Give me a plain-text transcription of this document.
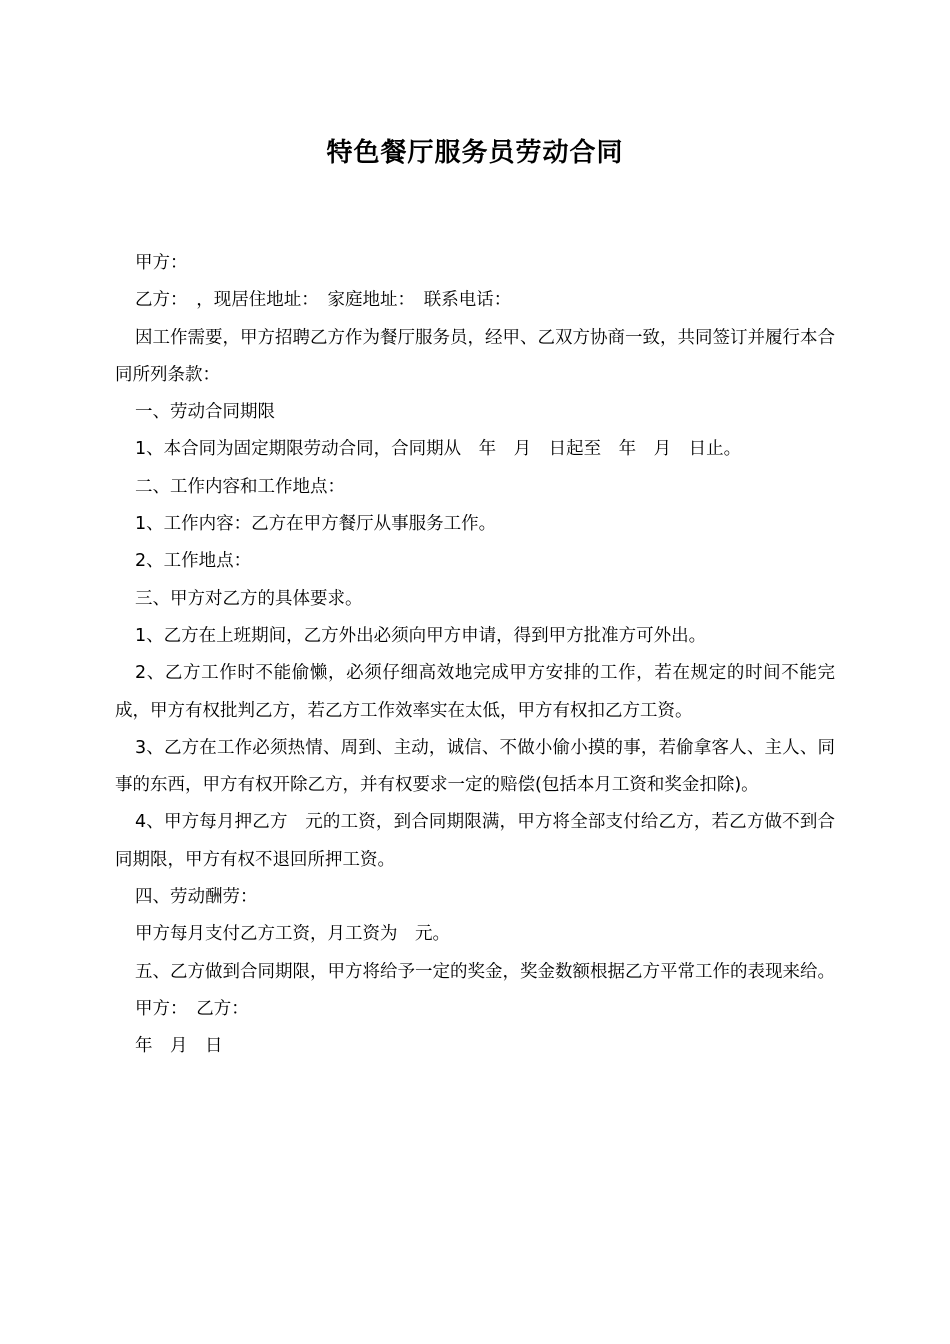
特色餐厅服务员劳动合同

甲方：

乙方：　，现居住地址：　家庭地址：　联系电话：

因工作需要，甲方招聘乙方作为餐厅服务员，经甲、乙双方协商一致，共同签订并履行本合同所列条款：

一、劳动合同期限

1、本合同为固定期限劳动合同，合同期从　年　月　日起至　年　月　日止。

二、工作内容和工作地点：

1、工作内容：乙方在甲方餐厅从事服务工作。

2、工作地点：

三、甲方对乙方的具体要求。

1、乙方在上班期间，乙方外出必须向甲方申请，得到甲方批准方可外出。

2、乙方工作时不能偷懒，必须仔细高效地完成甲方安排的工作，若在规定的时间不能完成，甲方有权批判乙方，若乙方工作效率实在太低，甲方有权扣乙方工资。

3、乙方在工作必须热情、周到、主动，诚信、不做小偷小摸的事，若偷拿客人、主人、同事的东西，甲方有权开除乙方，并有权要求一定的赔偿(包括本月工资和奖金扣除)。

4、甲方每月押乙方　元的工资，到合同期限满，甲方将全部支付给乙方，若乙方做不到合同期限，甲方有权不退回所押工资。

四、劳动酬劳：

甲方每月支付乙方工资，月工资为　元。

五、乙方做到合同期限，甲方将给予一定的奖金，奖金数额根据乙方平常工作的表现来给。

甲方：　乙方：

年　月　日
